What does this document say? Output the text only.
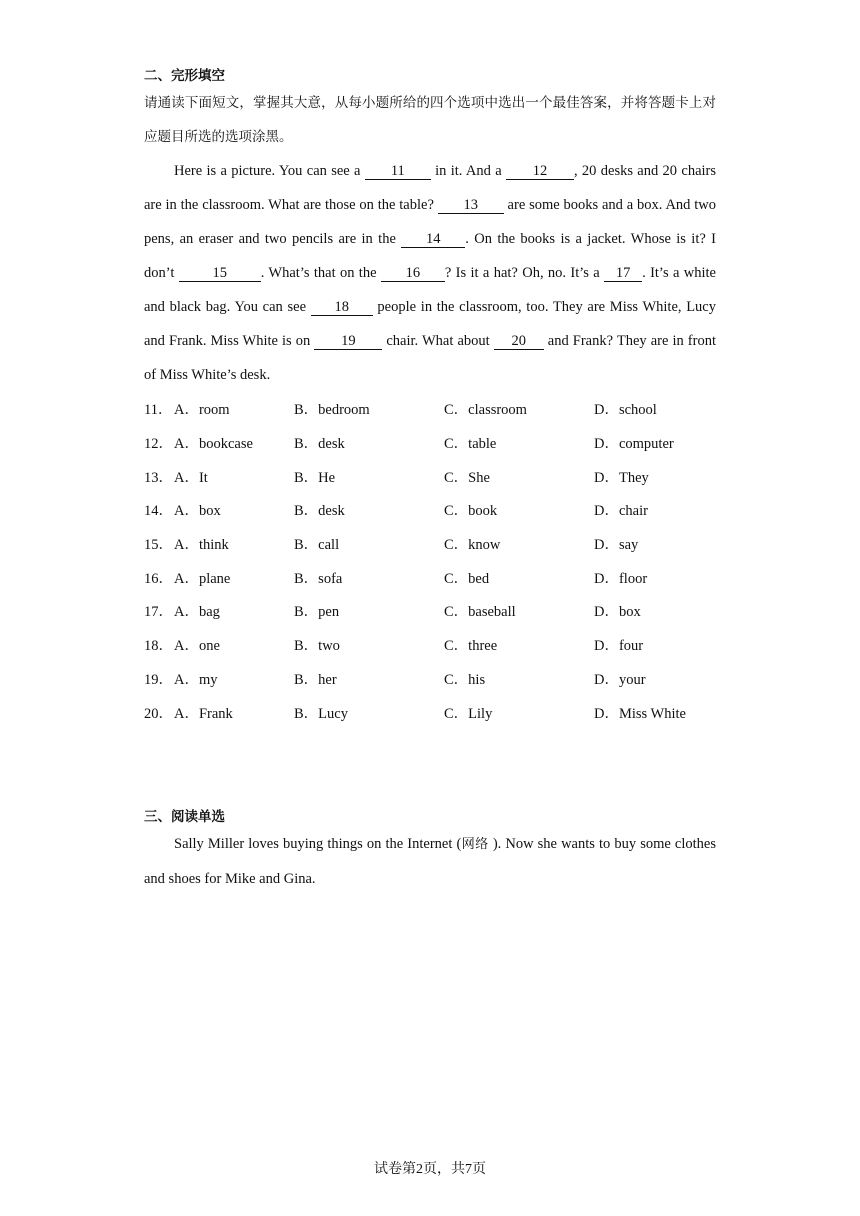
二、完形填空

请通读下面短文，掌握其大意，从每小题所给的四个选项中选出一个最佳答案，并将答题卡上对应题目所选的选项涂黑。

Here is a picture. You can see a 11 in it. And a 12 , 20 desks and 20 chairs are in the classroom. What are those on the table? 13 are some books and a box. And two pens, an eraser and two pencils are in the 14 . On the books is a jacket. Whose is it? I don’t 15 . What’s that on the 16 ? Is it a hat? Oh, no. It’s a 17 . It’s a white and black bag. You can see 18 people in the classroom, too. They are Miss White, Lucy and Frank. Miss White is on 19 chair. What about 20 and Frank? They are in front of Miss White’s desk.

11． A．room	B．bedroom	C．classroom	D．school
12． A．bookcase	B．desk	C．table	D．computer
13． A．It	B．He	C．She	D．They
14． A．box	B．desk	C．book	D．chair
15． A．think	B．call	C．know	D．say
16． A．plane	B．sofa	C．bed	D．floor
17． A．bag	B．pen	C．baseball	D．box
18． A．one	B．two	C．three	D．four
19． A．my	B．her	C．his	D．your
20． A．Frank	B．Lucy	C．Lily	D．Miss White

三、阅读单选

Sally Miller loves buying things on the Internet (网络 ). Now she wants to buy some clothes and shoes for Mike and Gina.

试卷第2页，共7页
